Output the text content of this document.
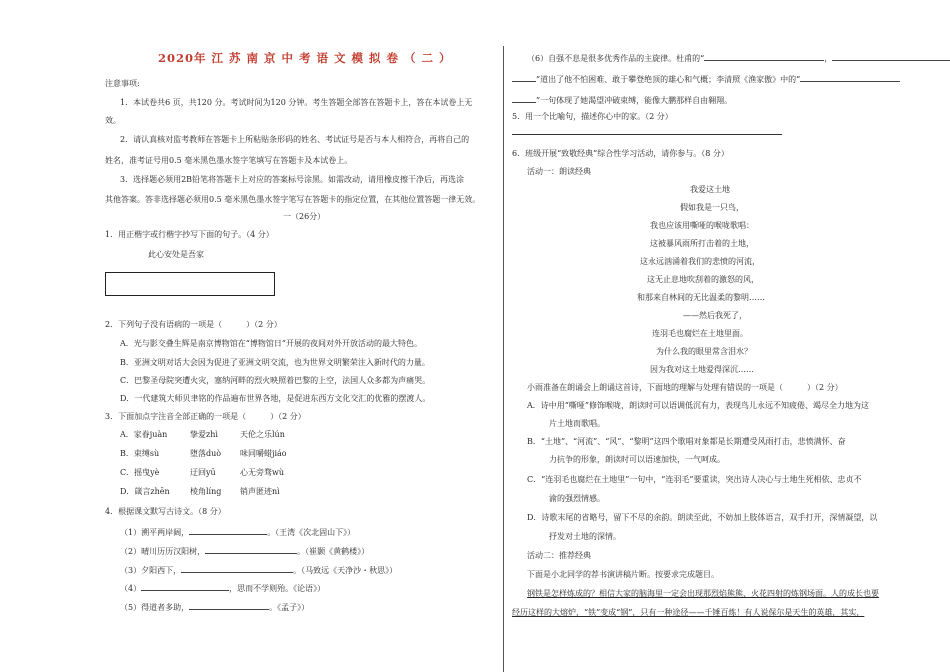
2020年 江 苏 南 京 中 考 语 文 模 拟 卷 （ 二 ）
注意事项:
1．本试卷共6 页，共120 分。考试时间为120 分钟。考生答题全部答在答题卡上，答在本试卷上无
效。
2．请认真核对监考教师在答题卡上所粘贴条形码的姓名、考试证号是否与本人相符合，再将自己的
姓名，准考证号用0.5 毫米黑色墨水签字笔填写在答题卡及本试卷上。
3．选择题必须用2B铅笔将答题卡上对应的答案标号涂黑。如需改动，请用橡皮擦干净后，再选涂
其他答案。答非选择题必须用0.5 毫米黑色墨水签字笔写在答题卡的指定位置，在其他位置答题一律无效。
一（26分）
1．用正楷字或行楷字抄写下面的句子。（4 分）
此心安处是吾家
2．下列句子没有语病的一项是（　　　）（2 分）
A．光与影交叠生辉是南京博物馆在“博物馆日”开展的夜间对外开放活动的最大特色。
B．亚洲文明对话大会因为促进了亚洲文明交流，也为世界文明繁荣注入新时代的力量。
C．巴黎圣母院突遭火灾，塞纳河畔的烈火映照着巴黎的上空，法国人众多都为声痛哭。
D．一代建筑大师贝聿铭的作品遍布世界各地，是促进东西方文化交汇的优雅的摆渡人。
3．下面加点字注音全部正确的一项是（　　　）（2 分）
A．家眷juàn	挚爱zhì	天伦之乐lún
B．束缚sù	堕落duò 味同嚼蜡jiáo
C．摇曳yè	迂回yū	心无旁骛wù
D．箴言zhēn	棱角líng 销声匿迹nì
4．根据课文默写古诗文。（8 分）
（1）溯平两岸阔，	。（王湾《次北固山下》）
（2）晴川历历汉阳树，	。（崔颢《黄鹤楼》）
（3）夕阳西下，	。（马致远《天净沙・秋思》）
（4）	，思而不学则殆。《论语》）
（5）得道者多助，	。《孟子》）
（6）自强不息是很多优秀作品的主旋律。杜甫的“	，
”道出了他不怕困难、敢于攀登绝顶的雄心和气概；李清照《渔家傲》中的“
”一句体现了她渴望冲破束缚，能像大鹏那样自由翱翔。
5．用一个比喻句，描述你心中的家。（2 分）
6．班级开展“致敬经典”综合性学习活动，请你参与。（8 分）
活动一：朗读经典
我爱这土地
假如我是一只鸟，
我也应该用嘶哑的喉咙歌唱：
这被暴风雨所打击着的土地，
这永远汹涌着我们的悲愤的河流，
这无止息地吹刮着的激怒的风，
和那来自林间的无比温柔的黎明……
——然后我死了，
连羽毛也腐烂在土地里面。
为什么我的眼里常含泪水？
因为我对这土地爱得深沉……
小雨准备在朗诵会上朗诵这首诗，下面地的理解与处理有错误的一项是（　　　）（2 分）
A．诗中用“嘶哑”修饰喉咙，朗读时可以语调低沉有力，表现鸟儿永远不知疲倦、竭尽全力地为这
片土地而歌唱。
B．“土地”、“河流”、“风”、“黎明”这四个歌唱对象都是长期遭受风雨打击，悲愤满怀、奋
力抗争的形象，朗读时可以语速加快，一气呵成。
C．“连羽毛也腐烂在土地里”一句中，“连羽毛”要重读，突出诗人决心与土地生死相依、忠贞不
渝的强烈情感。
D．诗歌末尾的省略号，留下不尽的余韵。朗读至此，不妨加上肢体语言，双手打开，深情凝望，以
抒发对土地的深情。
活动二：推荐经典
下面是小北同学的荐书演讲稿片断。按要求完成题目。
钢铁是怎样炼成的？相信大家的脑海里一定会出现那烈焰熊熊、火花四射的炼钢场面。人的成长也要
经历这样的大熔炉，“铁”变成“钢”，只有一种途径——千锤百炼！有人说保尔是天生的英雄，其实，
